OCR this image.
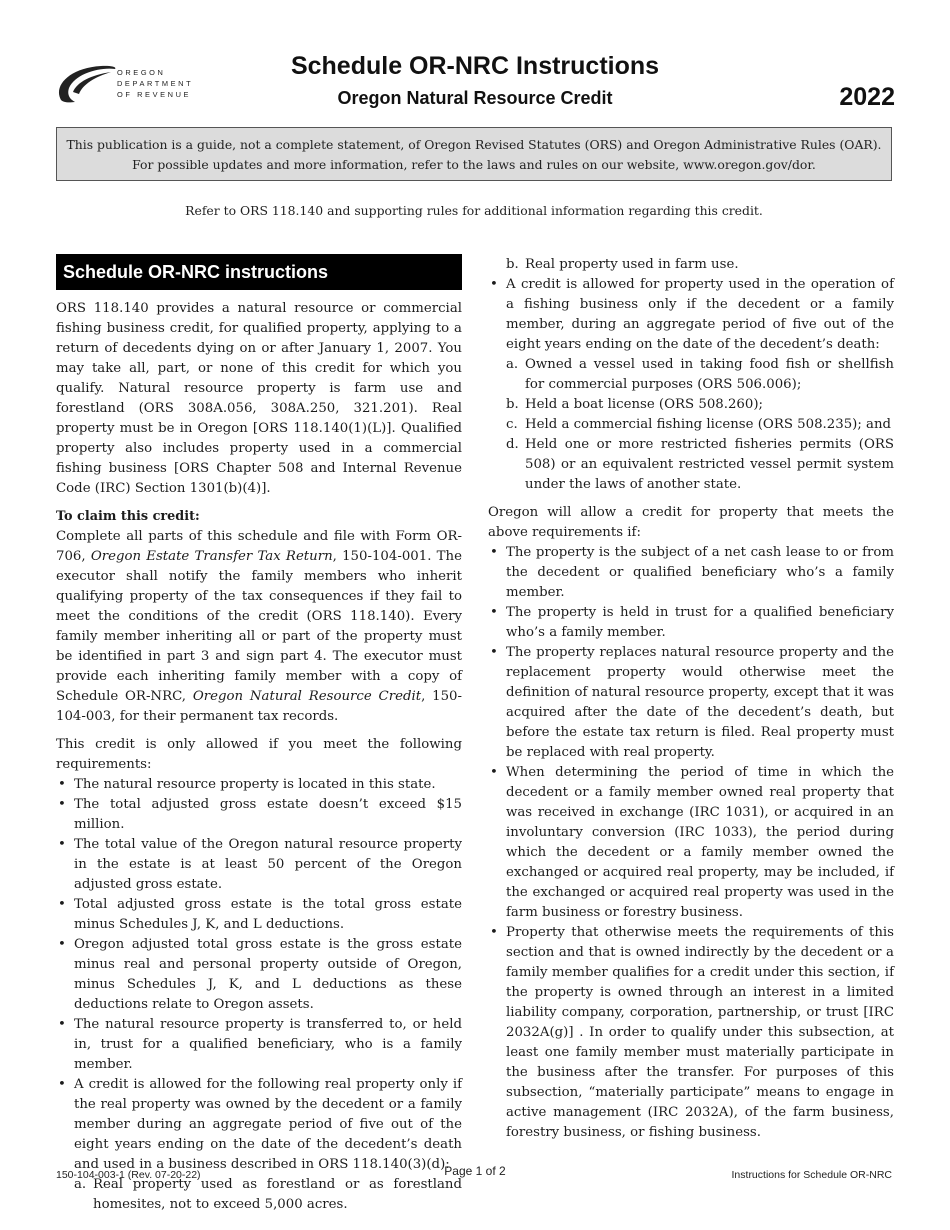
OREGON
DEPARTMENT
OF REVENUE
Schedule OR-NRC Instructions
Oregon Natural Resource Credit	2022
This publication is a guide, not a complete statement, of Oregon Revised Statutes (ORS) and Oregon Administrative Rules (OAR).
For possible updates and more information, refer to the laws and rules on our website, www.oregon.gov/dor.
Refer to ORS 118.140 and supporting rules for additional information regarding this credit.
Schedule OR-NRC instructions

ORS 118.140 provides a natural resource or commercial fishing business credit, for qualified property, applying to a return of decedents dying on or after January 1, 2007. You may take all, part, or none of this credit for which you qualify. Natural resource property is farm use and forestland (ORS 308A.056, 308A.250, 321.201). Real property must be in Oregon [ORS 118.140(1)(L)]. Qualified property also includes property used in a commercial fishing business [ORS Chapter 508 and Internal Revenue Code (IRC) Section 1301(b)(4)].

To claim this credit:

Complete all parts of this schedule and file with Form OR-706, Oregon Estate Transfer Tax Return, 150-104-001. The executor shall notify the family members who inherit qualifying property of the tax consequences if they fail to meet the conditions of the credit (ORS 118.140). Every family member inheriting all or part of the property must be identified in part 3 and sign part 4. The executor must provide each inheriting family member with a copy of Schedule OR-NRC, Oregon Natural Resource Credit, 150-104-003, for their permanent tax records.

This credit is only allowed if you meet the following requirements:
• The natural resource property is located in this state.
• The total adjusted gross estate doesn’t exceed $15 million.
• The total value of the Oregon natural resource property in the estate is at least 50 percent of the Oregon adjusted gross estate.
• Total adjusted gross estate is the total gross estate minus Schedules J, K, and L deductions.
• Oregon adjusted total gross estate is the gross estate minus real and personal property outside of Oregon, minus Schedules J, K, and L deductions as these deductions relate to Oregon assets.
• The natural resource property is transferred to, or held in, trust for a qualified beneficiary, who is a family member.
• A credit is allowed for the following real property only if the real property was owned by the decedent or a family member during an aggregate period of five out of the eight years ending on the date of the decedent’s death and used in a business described in ORS 118.140(3)(d):
a. Real property used as forestland or as forestland homesites, not to exceed 5,000 acres.
b. Real property used in farm use.
• A credit is allowed for property used in the operation of a fishing business only if the decedent or a family member, during an aggregate period of five out of the eight years ending on the date of the decedent’s death:
a. Owned a vessel used in taking food fish or shellfish for commercial purposes (ORS 506.006);
b. Held a boat license (ORS 508.260);
c. Held a commercial fishing license (ORS 508.235); and
d. Held one or more restricted fisheries permits (ORS 508) or an equivalent restricted vessel permit system under the laws of another state.
Oregon will allow a credit for property that meets the above requirements if:
• The property is the subject of a net cash lease to or from the decedent or qualified beneficiary who’s a family member.
• The property is held in trust for a qualified beneficiary who’s a family member.
• The property replaces natural resource property and the replacement property would otherwise meet the definition of natural resource property, except that it was acquired after the date of the decedent’s death, but before the estate tax return is filed. Real property must be replaced with real property.
• When determining the period of time in which the decedent or a family member owned real property that was received in exchange (IRC 1031), or acquired in an involuntary conversion (IRC 1033), the period during which the decedent or a family member owned the exchanged or acquired real property, may be included, if the exchanged or acquired real property was used in the farm business or forestry business.
• Property that otherwise meets the requirements of this section and that is owned indirectly by the decedent or a family member qualifies for a credit under this section, if the property is owned through an interest in a limited liability company, corporation, partnership, or trust [IRC 2032A(g)] . In order to qualify under this subsection, at least one family member must materially participate in the business after the transfer. For purposes of this subsection, “materially participate” means to engage in active management (IRC 2032A), of the farm business, forestry business, or fishing business.
150-104-003-1 (Rev. 07-20-22)	Page 1 of 2	Instructions for Schedule OR-NRC
